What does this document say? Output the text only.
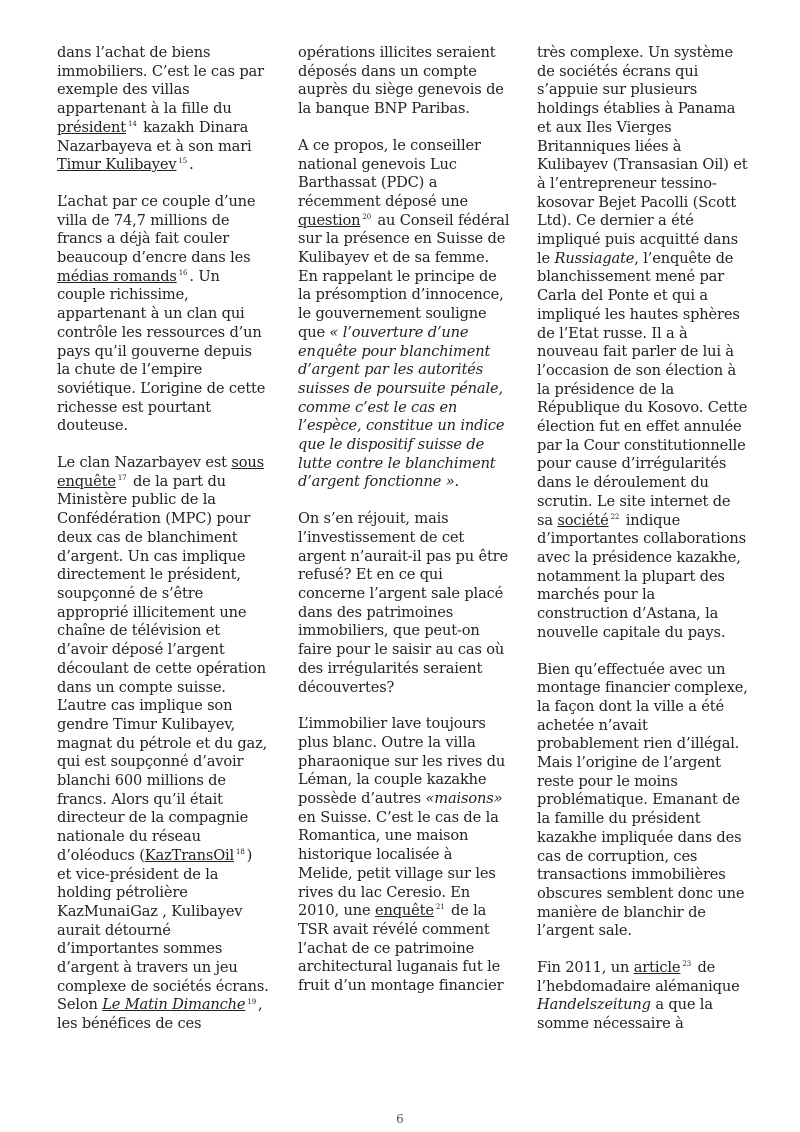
dans l’achat de biens immobiliers. C’est le cas par exemple des villas appartenant à la fille du président $^{14}$ kazakh Dinara Nazarbayeva et à son mari Timur Kulibayev $^{15}$ .

L’achat par ce couple d’une villa de 74,7 millions de francs a déjà fait couler beaucoup d’encre dans les médias romands $^{16}$ . Un couple richissime, appartenant à un clan qui contrôle les ressources d’un pays qu’il gouverne depuis la chute de l’empire soviétique. L’origine de cette richesse est pourtant douteuse.

Le clan Nazarbayev est sous enquête $^{17}$ de la part du Ministère public de la Confédération (MPC) pour deux cas de blanchiment d’argent. Un cas implique directement le président, soupçonné de s’être approprié illicitement une chaîne de télévision et d’avoir déposé l’argent découlant de cette opération dans un compte suisse. L’autre cas implique son gendre Timur Kulibayev, magnat du pétrole et du gaz, qui est soupçonné d’avoir blanchi 600 millions de francs. Alors qu’il était directeur de la compagnie nationale du réseau d’oléoducs (KazTransOil $^{18}$ ) et vice-président de la holding pétrolière KazMunaiGaz , Kulibayev aurait détourné d’importantes sommes d’argent à travers un jeu complexe de sociétés écrans. Selon Le Matin Dimanche $^{19}$ , les bénéfices de ces

opérations illicites seraient déposés dans un compte auprès du siège genevois de la banque BNP Paribas.

A ce propos, le conseiller national genevois Luc Barthassat (PDC) a récemment déposé une question $^{20}$ au Conseil fédéral sur la présence en Suisse de Kulibayev et de sa femme. En rappelant le principe de la présomption d’innocence, le gouvernement souligne que « l’ouverture d’une enquête pour blanchiment d’argent par les autorités suisses de poursuite pénale, comme c’est le cas en l’espèce, constitue un indice que le dispositif suisse de lutte contre le blanchiment d’argent fonctionne ».

On s’en réjouit, mais l’investissement de cet argent n’aurait-il pas pu être refusé? Et en ce qui concerne l’argent sale placé dans des patrimoines immobiliers, que peut-on faire pour le saisir au cas où des irrégularités seraient découvertes?

L’immobilier lave toujours plus blanc. Outre la villa pharaonique sur les rives du Léman, la couple kazakhe possède d’autres «maisons» en Suisse. C’est le cas de la Romantica, une maison historique localisée à Melide, petit village sur les rives du lac Ceresio. En 2010, une enquête $^{21}$ de la TSR avait révélé comment l’achat de ce patrimoine architectural luganais fut le fruit d’un montage financier

très complexe. Un système de sociétés écrans qui s’appuie sur plusieurs holdings établies à Panama et aux Iles Vierges Britanniques liées à Kulibayev (Transasian Oil) et à l’entrepreneur tessino-kosovar Bejet Pacolli (Scott Ltd). Ce dernier a été impliqué puis acquitté dans le Russiagate, l’enquête de blanchissement mené par Carla del Ponte et qui a impliqué les hautes sphères de l’Etat russe. Il a à nouveau fait parler de lui à l’occasion de son élection à la présidence de la République du Kosovo. Cette élection fut en effet annulée par la Cour constitutionnelle pour cause d’irrégularités dans le déroulement du scrutin. Le site internet de sa société $^{22}$ indique d’importantes collaborations avec la présidence kazakhe, notamment la plupart des marchés pour la construction d’Astana, la nouvelle capitale du pays.

Bien qu’effectuée avec un montage financier complexe, la façon dont la ville a été achetée n’avait probablement rien d’illégal. Mais l’origine de l’argent reste pour le moins problématique. Emanant de la famille du président kazakhe impliquée dans des cas de corruption, ces transactions immobilières obscures semblent donc une manière de blanchir de l’argent sale.

Fin 2011, un article $^{23}$ de l’hebdomadaire alémanique Handelszeitung a que la somme nécessaire à

6
